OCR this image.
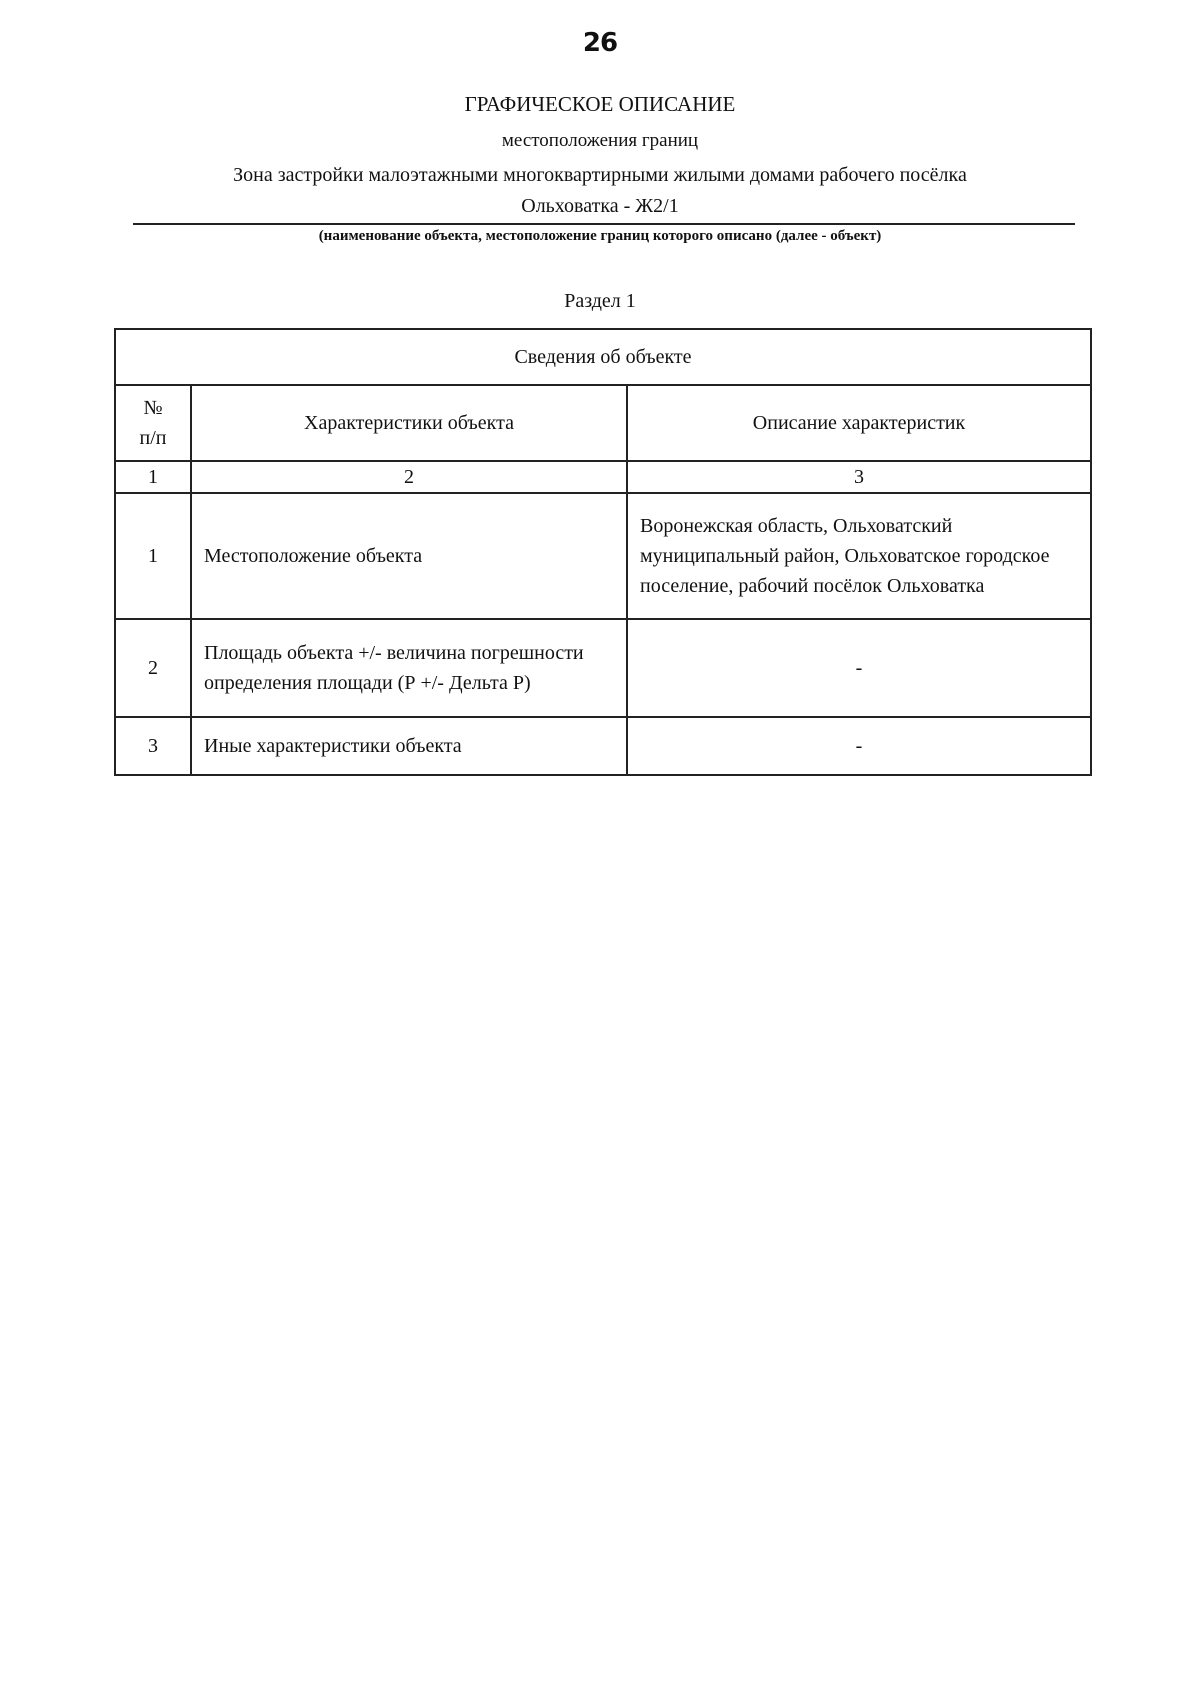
26
ГРАФИЧЕСКОЕ ОПИСАНИЕ
местоположения границ
Зона застройки малоэтажными многоквартирными жилыми домами рабочего посёлка
Ольховатка - Ж2/1
(наименование объекта, местоположение границ которого описано (далее - объект)
Раздел 1
Сведения об объекте		

№
п/п	Характеристики объекта	Описание характеристик
1	2	3
1	Местоположение объекта	Воронежская область, Ольховатский муниципальный район, Ольховатское городское поселение, рабочий посёлок Ольховатка
2	Площадь объекта +/- величина погрешности определения площади (Р +/- Дельта Р)	-
3	Иные характеристики объекта	-
